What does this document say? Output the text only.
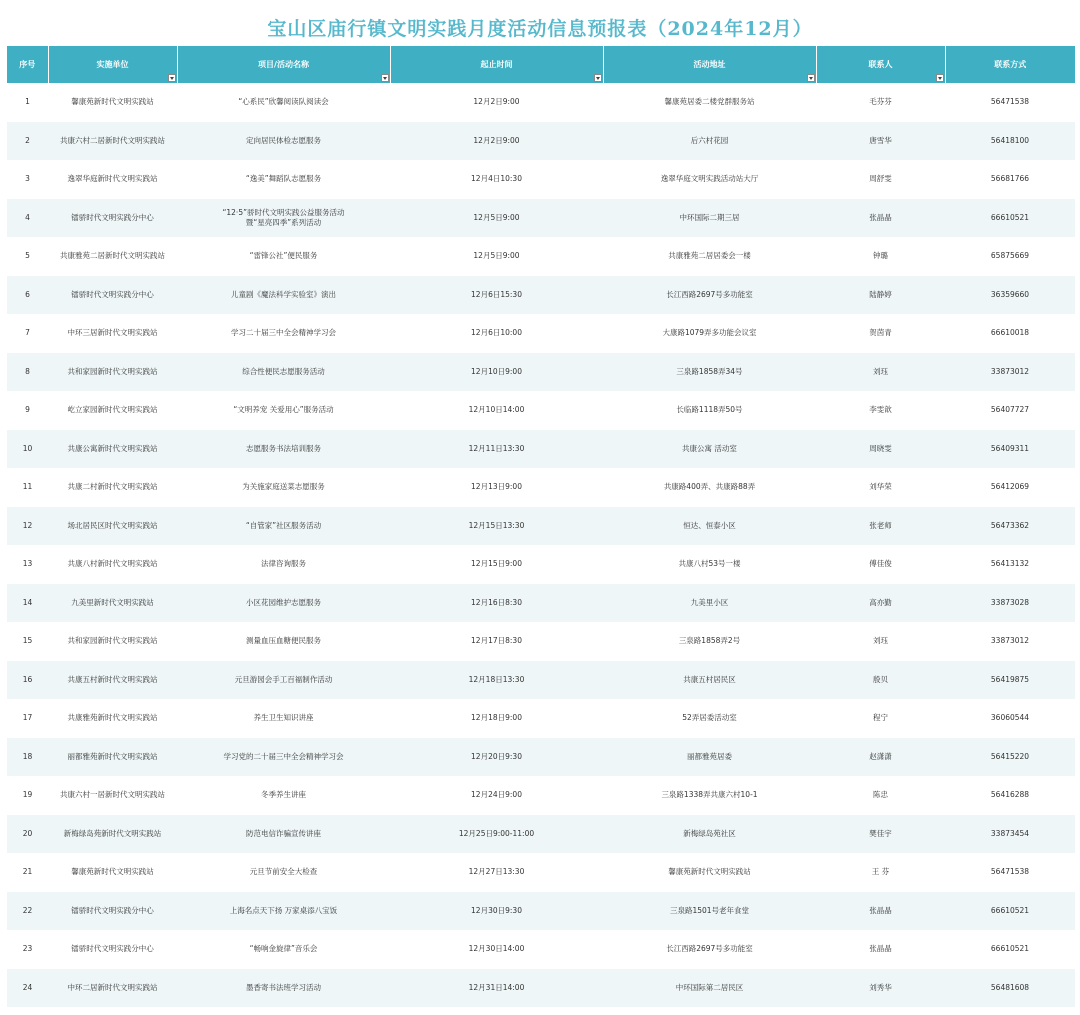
宝山区庙行镇文明实践月度活动信息预报表（2024年12月）
序号	实施单位	项目/活动名称	起止时间	活动地址	联系人	联系方式
1	馨康苑新时代文明实践站	“心系民”欣馨阅读队阅读会	12月2日9:00	馨康苑居委二楼党群服务站	毛芬芬	56471538
2	共康六村二居新时代文明实践站	定向居民体检志愿服务	12月2日9:00	后六村花园	唐雪华	56418100
3	逸翠华庭新时代文明实践站	“逸美”舞蹈队志愿服务	12月4日10:30	逸翠华庭文明实践活动站大厅	周舒雯	56681766
4	镭骄时代文明实践分中心	“12·5”骄时代文明实践公益服务活动
暨“星亮四季”系列活动	12月5日9:00	中环国际二期三居	张晶晶	66610521
5	共康雅苑二居新时代文明实践站	“雷锋公社”便民服务	12月5日9:00	共康雅苑二居居委会一楼	钟璐	65875669
6	镭骄时代文明实践分中心	儿童剧《魔法科学实验室》演出	12月6日15:30	长江西路2697号多功能室	陆静婷	36359660
7	中环三居新时代文明实践站	学习二十届三中全会精神学习会	12月6日10:00	大康路1079弄多功能会议室	贺茵青	66610018
8	共和家园新时代文明实践站	综合性便民志愿服务活动	12月10日9:00	三泉路1858弄34号	刘珏	33873012
9	屹立家园新时代文明实践站	“文明养宠 关爱用心”服务活动	12月10日14:00	长临路1118弄50号	李雯歆	56407727
10	共康公寓新时代文明实践站	志愿服务书法培训服务	12月11日13:30	共康公寓 活动室	周晓雯	56409311
11	共康二村新时代文明实践站	为关施家庭送菜志愿服务	12月13日9:00	共康路400弄、共康路88弄	刘华荣	56412069
12	场北居民区时代文明实践站	“自管家”社区服务活动	12月15日13:30	恒达、恒泰小区	张老师	56473362
13	共康八村新时代文明实践站	法律咨询服务	12月15日9:00	共康八村53号一楼	傅佳俊	56413132
14	九美里新时代文明实践站	小区花园维护志愿服务	12月16日8:30	九美里小区	高亦勤	33873028
15	共和家园新时代文明实践站	测量血压血糖便民服务	12月17日8:30	三泉路1858弄2号	刘珏	33873012
16	共康五村新时代文明实践站	元旦游园会手工百福制作活动	12月18日13:30	共康五村居民区	殷贝	56419875
17	共康雅苑新时代文明实践站	养生卫生知识讲座	12月18日9:00	52弄居委活动室	程宁	36060544
18	丽都雅苑新时代文明实践站	学习党的二十届三中全会精神学习会	12月20日9:30	丽都雅苑居委	赵潇潇	56415220
19	共康六村一居新时代文明实践站	冬季养生讲座	12月24日9:00	三泉路1338弄共康六村10-1	陈忠	56416288
20	新梅绿岛苑新时代文明实践站	防范电信诈骗宣传讲座	12月25日9:00-11:00	新梅绿岛苑社区	樊佳宇	33873454
21	馨康苑新时代文明实践站	元旦节前安全大检查	12月27日13:30	馨康苑新时代文明实践站	王 芬	56471538
22	镭骄时代文明实践分中心	上海名点天下扬 万家桌添八宝饭	12月30日9:30	三泉路1501号老年食堂	张晶晶	66610521
23	镭骄时代文明实践分中心	“畅响金旋律”音乐会	12月30日14:00	长江西路2697号多功能室	张晶晶	66610521
24	中环二居新时代文明实践站	墨香寄书法班学习活动	12月31日14:00	中环国际第二居民区	刘秀华	56481608
